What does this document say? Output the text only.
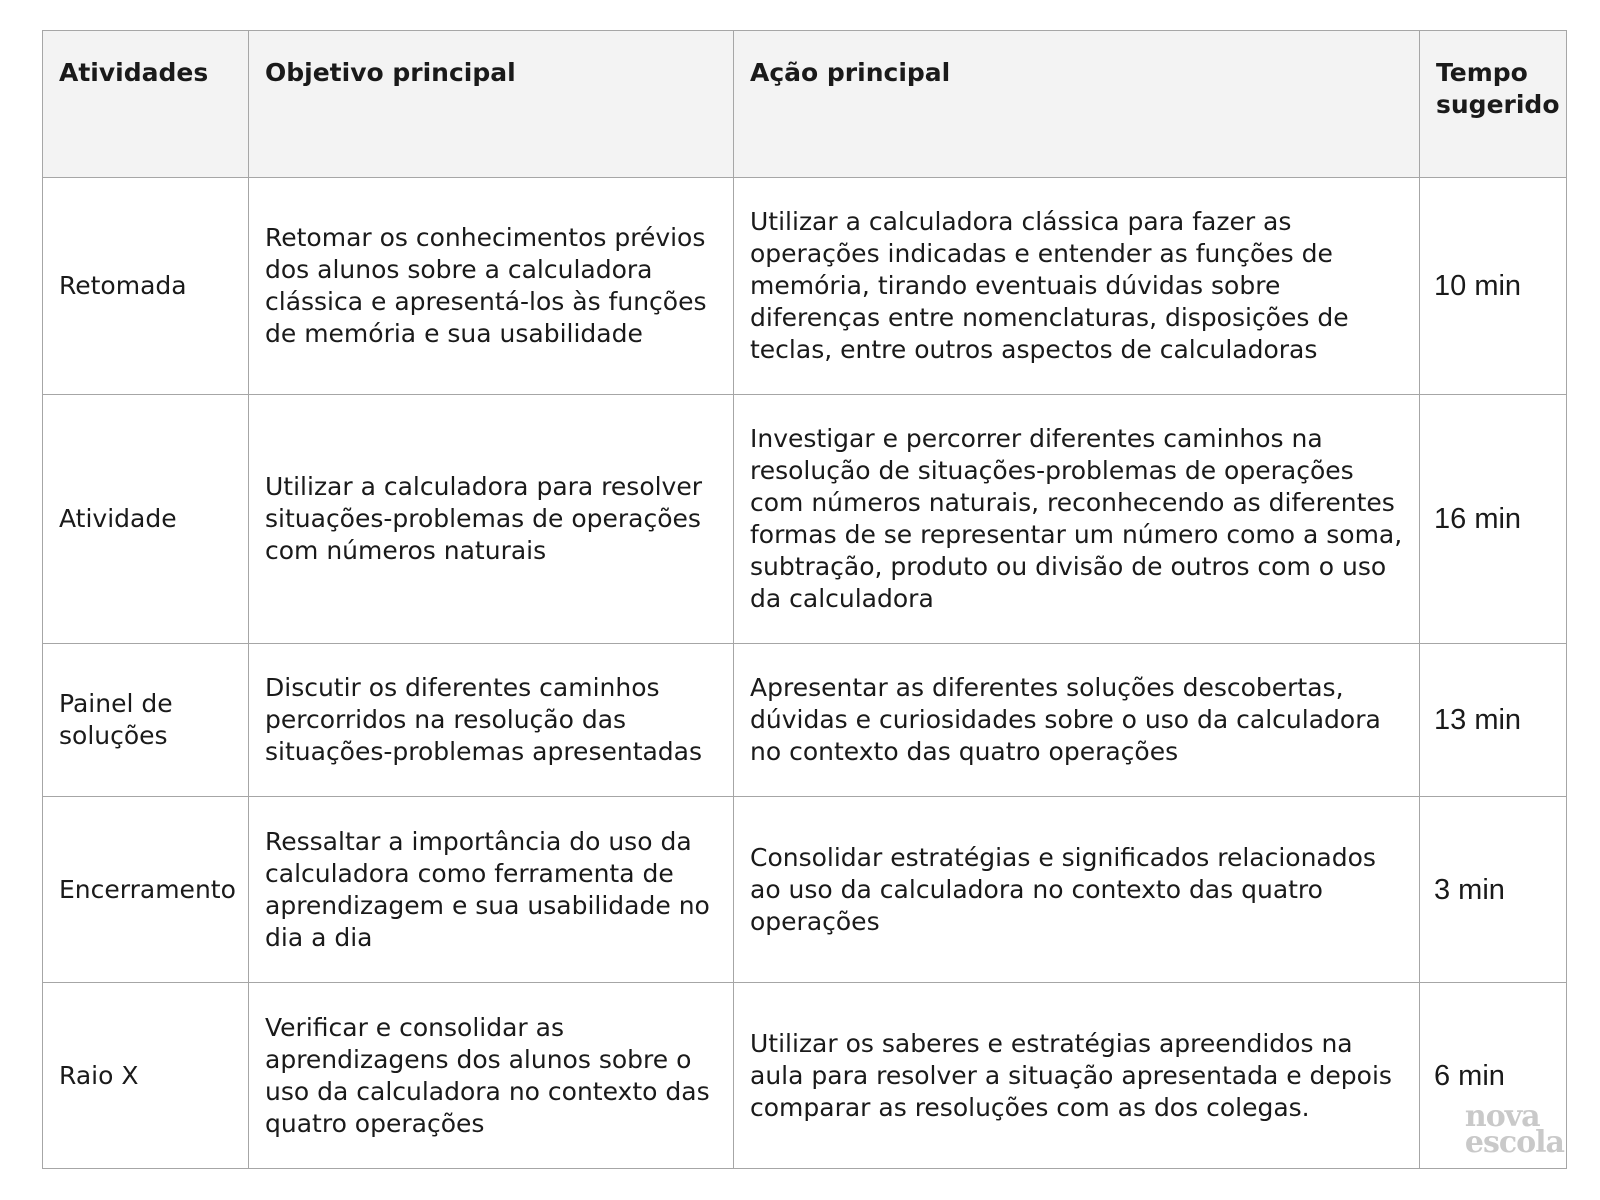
Atividades	Objetivo principal	Ação principal	Tempo sugerido
Retomada	Retomar os conhecimentos prévios dos alunos sobre a calculadora clássica e apresentá-los às funções de memória e sua usabilidade	Utilizar a calculadora clássica para fazer as operações indicadas e entender as funções de memória, tirando eventuais dúvidas sobre diferenças entre nomenclaturas, disposições de teclas, entre outros aspectos de calculadoras	10 min
Atividade	Utilizar a calculadora para resolver situações-problemas de operações com números naturais	Investigar e percorrer diferentes caminhos na resolução de situações-problemas de operações com números naturais, reconhecendo as diferentes formas de se representar um número como a soma, subtração, produto ou divisão de outros com o uso da calculadora	16 min
Painel de soluções	Discutir os diferentes caminhos percorridos na resolução das situações-problemas apresentadas	Apresentar as diferentes soluções descobertas, dúvidas e curiosidades sobre o uso da calculadora no contexto das quatro operações	13 min
Encerramento	Ressaltar a importância do uso da calculadora como ferramenta de aprendizagem e sua usabilidade no dia a dia	Consolidar estratégias e significados relacionados ao uso da calculadora no contexto das quatro operações	3 min
Raio X	Verificar e consolidar as aprendizagens dos alunos sobre o uso da calculadora no contexto das quatro operações	Utilizar os saberes e estratégias apreendidos na aula para resolver a situação apresentada e depois comparar as resoluções com as dos colegas.	6 min
nova
escola
